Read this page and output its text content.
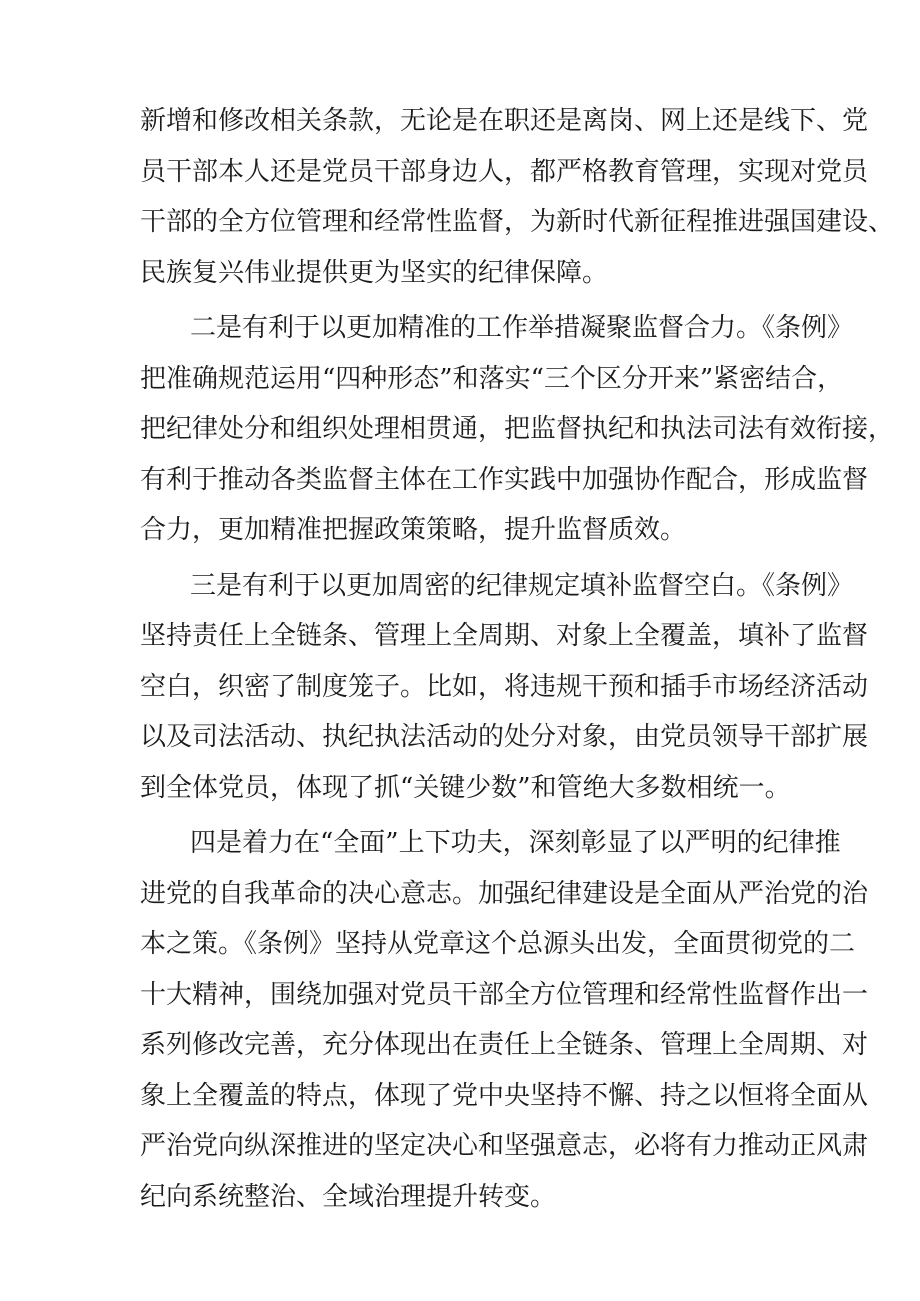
新增和修改相关条款，无论是在职还是离岗、网上还是线下、党
员干部本人还是党员干部身边人，都严格教育管理，实现对党员
干部的全方位管理和经常性监督，为新时代新征程推进强国建设、
民族复兴伟业提供更为坚实的纪律保障。
二是有利于以更加精准的工作举措凝聚监督合力。《条例》
把准确规范运用“四种形态”和落实“三个区分开来”紧密结合，
把纪律处分和组织处理相贯通，把监督执纪和执法司法有效衔接，
有利于推动各类监督主体在工作实践中加强协作配合，形成监督
合力，更加精准把握政策策略，提升监督质效。
三是有利于以更加周密的纪律规定填补监督空白。《条例》
坚持责任上全链条、管理上全周期、对象上全覆盖，填补了监督
空白，织密了制度笼子。比如，将违规干预和插手市场经济活动
以及司法活动、执纪执法活动的处分对象，由党员领导干部扩展
到全体党员，体现了抓“关键少数”和管绝大多数相统一。
四是着力在“全面”上下功夫，深刻彰显了以严明的纪律推
进党的自我革命的决心意志。加强纪律建设是全面从严治党的治
本之策。《条例》坚持从党章这个总源头出发，全面贯彻党的二
十大精神，围绕加强对党员干部全方位管理和经常性监督作出一
系列修改完善，充分体现出在责任上全链条、管理上全周期、对
象上全覆盖的特点，体现了党中央坚持不懈、持之以恒将全面从
严治党向纵深推进的坚定决心和坚强意志，必将有力推动正风肃
纪向系统整治、全域治理提升转变。
